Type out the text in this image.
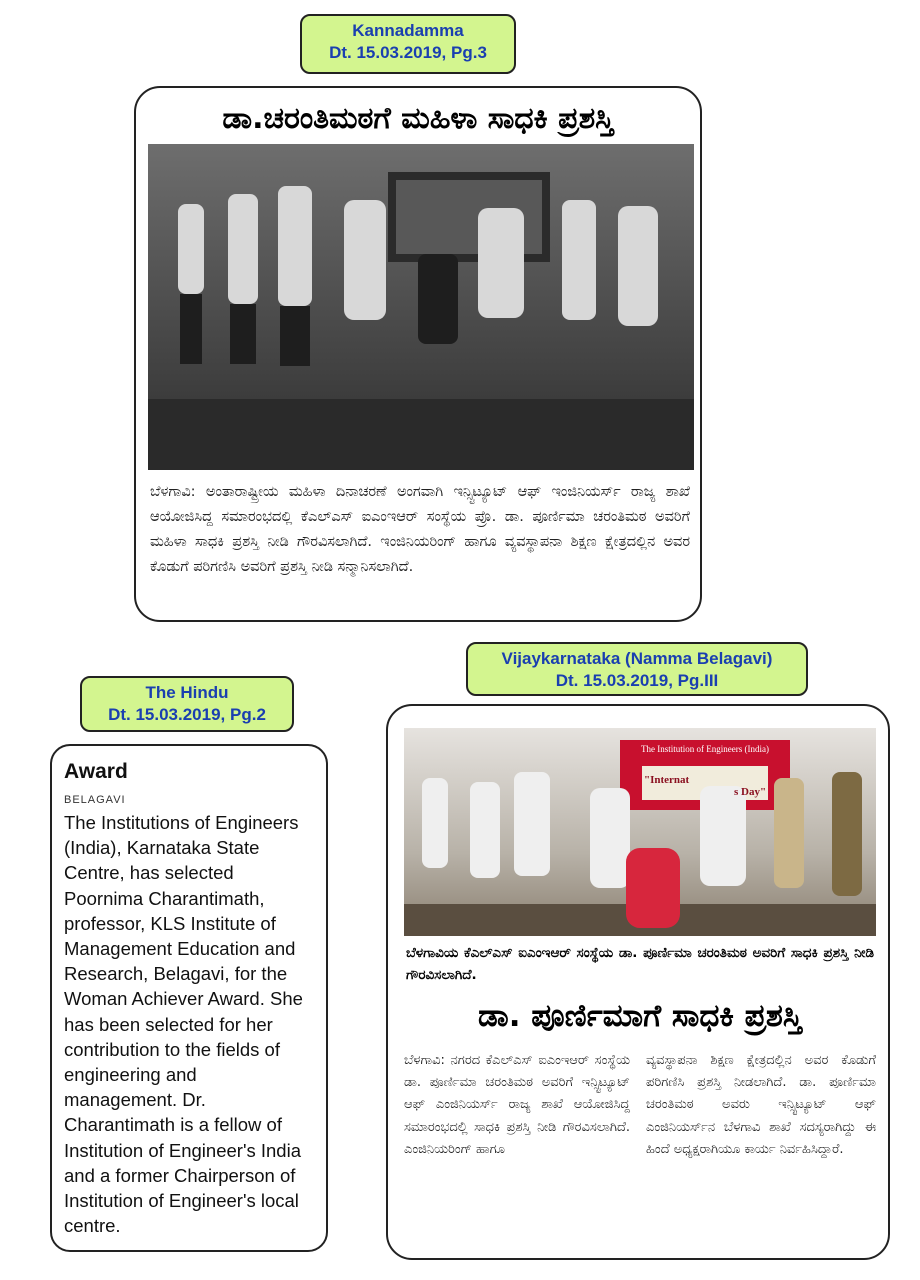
Kannadamma
Dt. 15.03.2019, Pg.3
ಡಾ.ಚರಂತಿಮಠಗೆ ಮಹಿಳಾ ಸಾಧಕಿ ಪ್ರಶಸ್ತಿ
ಬೆಳಗಾವಿ: ಅಂತಾರಾಷ್ಟ್ರೀಯ ಮಹಿಳಾ ದಿನಾಚರಣೆ ಅಂಗವಾಗಿ ಇನ್ಸ್ಟಿಟ್ಯೂಟ್ ಆಫ್ ಇಂಜಿನಿಯರ್ಸ್ ರಾಜ್ಯ ಶಾಖೆ ಆಯೋಜಿಸಿದ್ದ ಸಮಾರಂಭದಲ್ಲಿ ಕೆಎಲ್ಎಸ್ ಐಎಂಇಆರ್ ಸಂಸ್ಥೆಯ ಪ್ರೊ. ಡಾ. ಪೂರ್ಣಿಮಾ ಚರಂತಿಮಠ ಅವರಿಗೆ ಮಹಿಳಾ ಸಾಧಕಿ ಪ್ರಶಸ್ತಿ ನೀಡಿ ಗೌರವಿಸಲಾಗಿದೆ. ಇಂಜಿನಿಯರಿಂಗ್ ಹಾಗೂ ವ್ಯವಸ್ಥಾಪನಾ ಶಿಕ್ಷಣ ಕ್ಷೇತ್ರದಲ್ಲಿನ ಅವರ ಕೊಡುಗೆ ಪರಿಗಣಿಸಿ ಅವರಿಗೆ ಪ್ರಶಸ್ತಿ ನೀಡಿ ಸನ್ಮಾನಿಸಲಾಗಿದೆ.
The Hindu
Dt. 15.03.2019, Pg.2
Award
BELAGAVI
The Institutions of Engineers (India), Karnataka State Centre, has selected Poornima Charantimath, professor, KLS Institute of Management Education and Research, Belagavi, for the Woman Achiever Award. She has been selected for her contribution to the fields of engineering and management. Dr. Charantimath is a fellow of Institution of Engineer's India and a former Chairperson of Institution of Engineer's local centre.
Vijaykarnataka (Namma Belagavi)
Dt. 15.03.2019, Pg.III
The Institution of Engineers (India)
"Internat
s Day"
ಬೆಳಗಾವಿಯ ಕೆಎಲ್ಎಸ್ ಐಎಂಇಆರ್ ಸಂಸ್ಥೆಯ ಡಾ. ಪೂರ್ಣಿಮಾ ಚರಂತಿಮಠ ಅವರಿಗೆ ಸಾಧಕಿ ಪ್ರಶಸ್ತಿ ನೀಡಿ ಗೌರವಿಸಲಾಗಿದೆ.
ಡಾ. ಪೂರ್ಣಿಮಾಗೆ ಸಾಧಕಿ ಪ್ರಶಸ್ತಿ
ಬೆಳಗಾವಿ: ನಗರದ ಕೆಎಲ್ಎಸ್ ಐಎಂಇಆರ್ ಸಂಸ್ಥೆಯ ಡಾ. ಪೂರ್ಣಿಮಾ ಚರಂತಿಮಠ ಅವರಿಗೆ ಇನ್ಸ್ಟಿಟ್ಯೂಟ್ ಆಫ್ ಎಂಜಿನಿಯರ್ಸ್ ರಾಜ್ಯ ಶಾಖೆ ಆಯೋಜಿಸಿದ್ದ ಸಮಾರಂಭದಲ್ಲಿ ಸಾಧಕಿ ಪ್ರಶಸ್ತಿ ನೀಡಿ ಗೌರವಿಸಲಾಗಿದೆ. ಎಂಜಿನಿಯರಿಂಗ್ ಹಾಗೂ
ವ್ಯವಸ್ಥಾಪನಾ ಶಿಕ್ಷಣ ಕ್ಷೇತ್ರದಲ್ಲಿನ ಅವರ ಕೊಡುಗೆ ಪರಿಗಣಿಸಿ ಪ್ರಶಸ್ತಿ ನೀಡಲಾಗಿದೆ. ಡಾ. ಪೂರ್ಣಿಮಾ ಚರಂತಿಮಠ ಅವರು ಇನ್ಸ್ಟಿಟ್ಯೂಟ್ ಆಫ್ ಎಂಜಿನಿಯರ್ಸ್‌ನ ಬೆಳಗಾವಿ ಶಾಖೆ ಸದಸ್ಯರಾಗಿದ್ದು ಈ ಹಿಂದೆ ಅಧ್ಯಕ್ಷರಾಗಿಯೂ ಕಾರ್ಯ ನಿರ್ವಹಿಸಿದ್ದಾರೆ.
